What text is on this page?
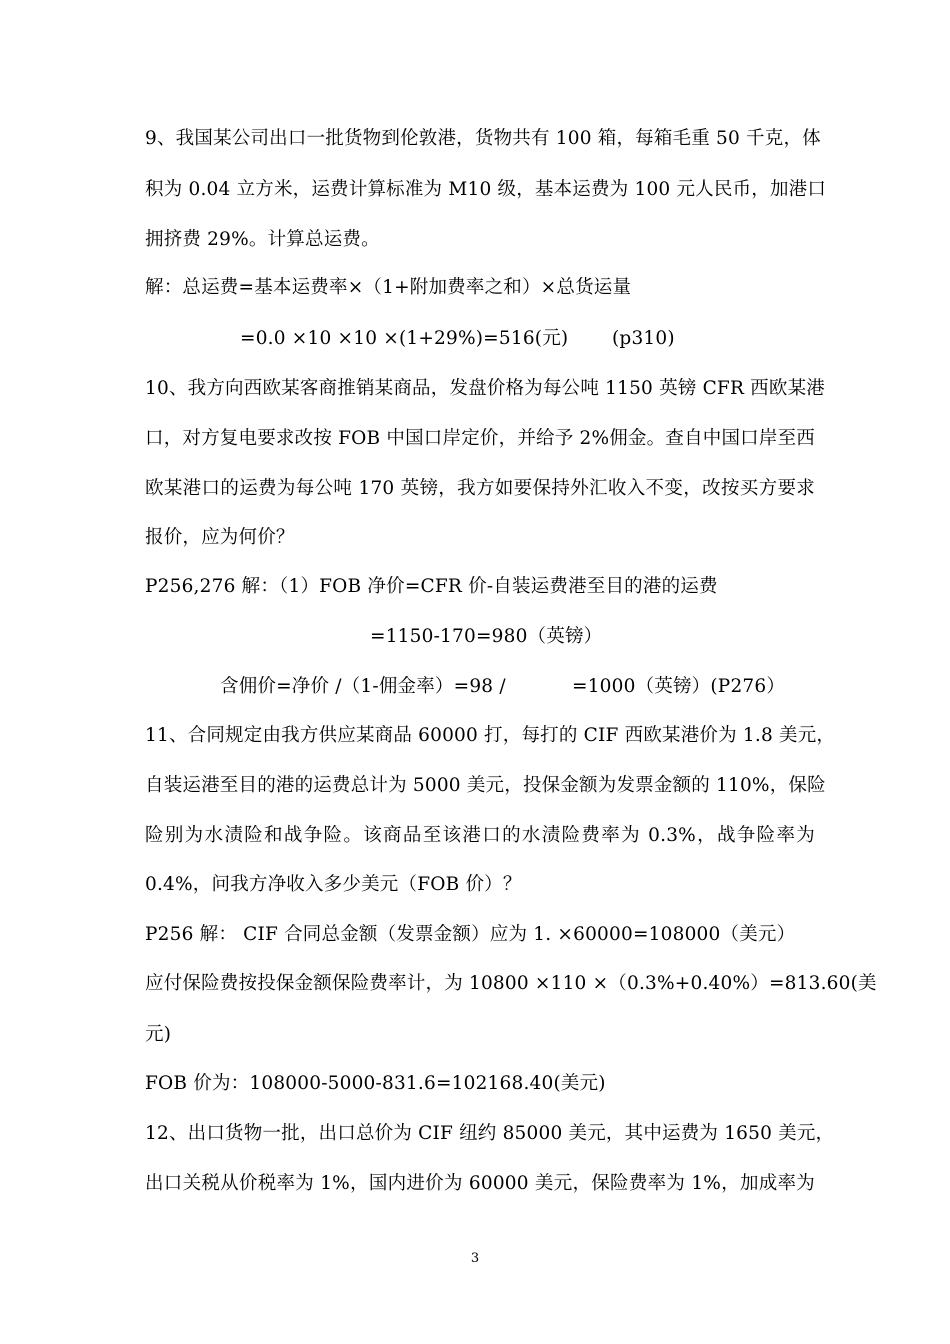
9、我国某公司出口一批货物到伦敦港，货物共有 100 箱，每箱毛重 50 千克，体
积为 0.04 立方米，运费计算标准为 M10 级，基本运费为 100 元人民币，加港口
拥挤费 29%。计算总运费。
解：总运费=基本运费率×（1+附加费率之和）×总货运量
=0.0 ×10 ×10 ×(1+29%)=516(元) (p310)
10、我方向西欧某客商推销某商品，发盘价格为每公吨 1150 英镑 CFR 西欧某港
口，对方复电要求改按 FOB 中国口岸定价，并给予 2%佣金。查自中国口岸至西
欧某港口的运费为每公吨 170 英镑，我方如要保持外汇收入不变，改按买方要求
报价，应为何价？
P256,276 解：（1）FOB 净价=CFR 价-自装运费港至目的港的运费
=1150-170=980（英镑）
含佣价=净价 /（1-佣金率）=98 /	=1000（英镑）(P276）
11、合同规定由我方供应某商品 60000 打，每打的 CIF 西欧某港价为 1.8 美元，
自装运港至目的港的运费总计为 5000 美元，投保金额为发票金额的 110%，保险
险别为水渍险和战争险。该商品至该港口的水渍险费率为 0.3%，战争险率为
0.4%，问我方净收入多少美元（FOB 价）？
P256 解： CIF 合同总金额（发票金额）应为 1. ×60000=108000（美元）
应付保险费按投保金额保险费率计，为 10800 ×110 ×（0.3%+0.40%）=813.60(美
元)
FOB 价为：108000-5000-831.6=102168.40(美元)
12、出口货物一批，出口总价为 CIF 纽约 85000 美元，其中运费为 1650 美元，
出口关税从价税率为 1%，国内进价为 60000 美元，保险费率为 1%，加成率为
3
